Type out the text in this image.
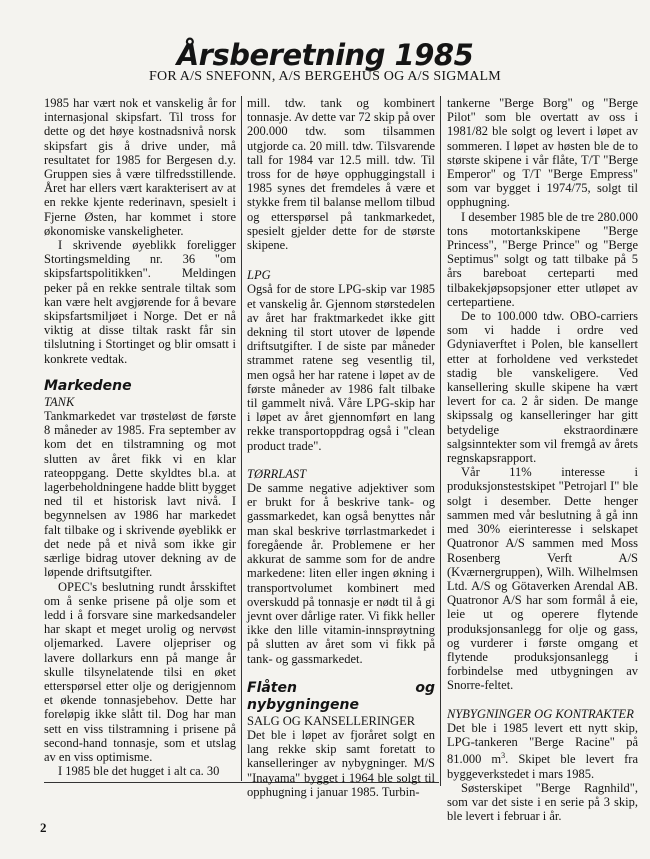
Årsberetning 1985
FOR A/S SNEFONN, A/S BERGEHUS OG A/S SIGMALM

1985 har vært nok et vanskelig år for internasjonal skipsfart. Til tross for dette og det høye kostnadsnivå norsk skipsfart gis å drive under, må resultatet for 1985 for Bergesen d.y. Gruppen sies å være tilfredsstillende. Året har ellers vært karakterisert av at en rekke kjente rederinavn, spesielt i Fjerne Østen, har kommet i store økonomiske vanskeligheter.

I skrivende øyeblikk foreligger Stortingsmelding nr. 36 "om skipsfartspolitikken". Meldingen peker på en rekke sentrale tiltak som kan være helt avgjørende for å bevare skipsfartsmiljøet i Norge. Det er nå viktig at disse tiltak raskt får sin tilslutning i Stortinget og blir omsatt i konkrete vedtak.

Markedene
TANK

Tankmarkedet var trøsteløst de første 8 måneder av 1985. Fra september av kom det en tilstramning og mot slutten av året fikk vi en klar rateoppgang. Dette skyldtes bl.a. at lagerbeholdningene hadde blitt bygget ned til et historisk lavt nivå. I begynnelsen av 1986 har markedet falt tilbake og i skrivende øyeblikk er det nede på et nivå som ikke gir særlige bidrag utover dekning av de løpende driftsutgifter.

OPEC's beslutning rundt årsskiftet om å senke prisene på olje som et ledd i å forsvare sine markedsandeler har skapt et meget urolig og nervøst oljemarked. Lavere oljepriser og lavere dollarkurs enn på mange år skulle tilsynelatende tilsi en øket etterspørsel etter olje og derigjennom et økende tonnasjebehov. Dette har foreløpig ikke slått til. Dog har man sett en viss tilstramning i prisene på second-hand tonnasje, som et utslag av en viss optimisme.

I 1985 ble det hugget i alt ca. 30

mill. tdw. tank og kombinert tonnasje. Av dette var 72 skip på over 200.000 tdw. som tilsammen utgjorde ca. 20 mill. tdw. Tilsvarende tall for 1984 var 12.5 mill. tdw. Til tross for de høye opphuggingstall i 1985 synes det fremdeles å være et stykke frem til balanse mellom tilbud og etterspørsel på tankmarkedet, spesielt gjelder dette for de største skipene.

LPG

Også for de store LPG-skip var 1985 et vanskelig år. Gjennom størstedelen av året har fraktmarkedet ikke gitt dekning til stort utover de løpende driftsutgifter. I de siste par måneder strammet ratene seg vesentlig til, men også her har ratene i løpet av de første måneder av 1986 falt tilbake til gammelt nivå. Våre LPG-skip har i løpet av året gjennomført en lang rekke transportoppdrag også i "clean product trade".

TØRRLAST

De samme negative adjektiver som er brukt for å beskrive tank- og gassmarkedet, kan også benyttes når man skal beskrive tørrlastmarkedet i foregående år. Problemene er her akkurat de samme som for de andre markedene: liten eller ingen økning i transportvolumet kombinert med overskudd på tonnasje er nødt til å gi jevnt over dårlige rater. Vi fikk heller ikke den lille vitamin-innsprøytning på slutten av året som vi fikk på tank- og gassmarkedet.

Flåten og nybygningene
SALG OG KANSELLERINGER

Det ble i løpet av fjoråret solgt en lang rekke skip samt foretatt to kanselleringer av nybygninger. M/S "Inayama" bygget i 1964 ble solgt til opphugning i januar 1985. Turbin-

tankerne "Berge Borg" og "Berge Pilot" som ble overtatt av oss i 1981/82 ble solgt og levert i løpet av sommeren. I løpet av høsten ble de to største skipene i vår flåte, T/T "Berge Emperor" og T/T "Berge Empress" som var bygget i 1974/75, solgt til opphugning.

I desember 1985 ble de tre 280.000 tons motortankskipene "Berge Princess", "Berge Prince" og "Berge Septimus" solgt og tatt tilbake på 5 års bareboat certeparti med tilbakekjøpsopsjoner etter utløpet av certepartiene.

De to 100.000 tdw. OBO-carriers som vi hadde i ordre ved Gdyniaverftet i Polen, ble kansellert etter at forholdene ved verkstedet stadig ble vanskeligere. Ved kansellering skulle skipene ha vært levert for ca. 2 år siden. De mange skipssalg og kanselleringer har gitt betydelige ekstraordinære salgsinntekter som vil fremgå av årets regnskapsrapport.

Vår 11% interesse i produksjonstestskipet "Petrojarl I" ble solgt i desember. Dette henger sammen med vår beslutning å gå inn med 30% eierinteresse i selskapet Quatronor A/S sammen med Moss Rosenberg Verft A/S (Kværnergruppen), Wilh. Wilhelmsen Ltd. A/S og Götaverken Arendal AB. Quatronor A/S har som formål å eie, leie ut og operere flytende produksjonsanlegg for olje og gass, og vurderer i første omgang et flytende produksjonsanlegg i forbindelse med utbygningen av Snorre-feltet.

NYBYGNINGER OG KONTRAKTER

Det ble i 1985 levert ett nytt skip, LPG-tankeren "Berge Racine" på 81.000 $m^3$. Skipet ble levert fra byggeverkstedet i mars 1985.

Søsterskipet "Berge Ragnhild", som var det siste i en serie på 3 skip, ble levert i februar i år.

2
